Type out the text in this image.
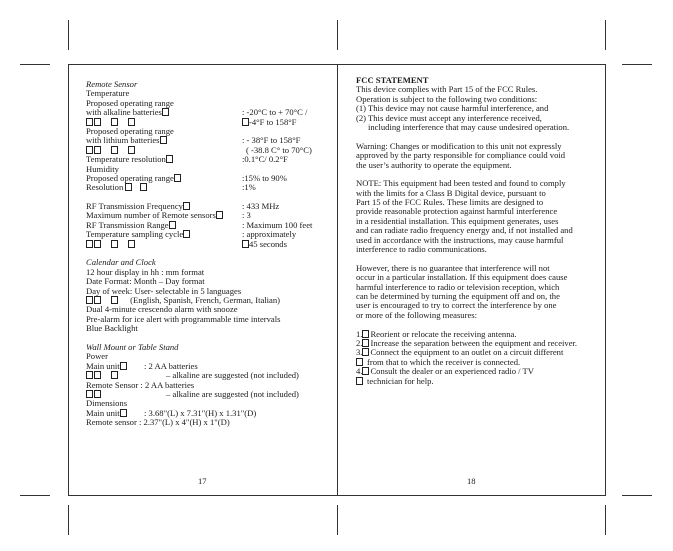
Remote Sensor
Temperature
Proposed operating range
with alkaline batteries	: -20°C to + 70°C /
-4°F to 158°F
Proposed operating range
with lithium batteries	: - 38°F to 158°F
( -38.8 C° to 70°C)
Temperature resolution	:0.1°C/ 0.2°F
Humidity
Proposed operating range	:15% to 90%
Resolution	:1%
RF Transmission Frequency	: 433 MHz
Maximum number of Remote sensors	: 3
RF Transmission Range	: Maximum 100 feet
Temperature sampling cycle	: approximately
45 seconds
Calendar and Clock
12 hour display in hh : mm format
Date Format: Month – Day format
Day of week: User- selectable in 5 languages
(English, Spanish, French, German, Italian)
Dual 4-minute crescendo alarm with snooze
Pre-alarm for ice alert with programmable time intervals
Blue Backlight
Wall Mount or Table Stand
Power
Main unit	: 2 AA batteries
– alkaline are suggested (not included)
Remote Sensor : 2 AA batteries
– alkaline are suggested (not included)
Dimensions
Main unit	: 3.68"(L) x 7.31"(H) x 1.31"(D)
Remote sensor : 2.37"(L) x 4"(H) x 1"(D)
17
FCC STATEMENT
This device complies with Part 15 of the FCC Rules.
Operation is subject to the following two conditions:
(1) This device may not cause harmful interference, and
(2) This device must accept any interference received,
including interference that may cause undesired operation.
Warning: Changes or modification to this unit not expressly
approved by the party responsible for compliance could void
the user’s authority to operate the equipment.
NOTE: This equipment had been tested and found to comply
with the limits for a Class B Digital device, pursuant to
Part 15 of the FCC Rules. These limits are designed to
provide reasonable protection against harmful interference
in a residential installation. This equipment generates, uses
and can radiate radio frequency energy and, if not installed and
used in accordance with the instructions, may cause harmful
interference to radio communications.
However, there is no guarantee that interference will not
occur in a particular installation. If this equipment does cause
harmful interference to radio or television reception, which
can be determined by turning the equipment off and on, the
user is encouraged to try to correct the interference by one
or more of the following measures:
1. Reorient or relocate the receiving antenna.
2. Increase the separation between the equipment and receiver.
3. Connect the equipment to an outlet on a circuit different
from that to which the receiver is connected.
4. Consult the dealer or an experienced radio / TV
technician for help.
18
